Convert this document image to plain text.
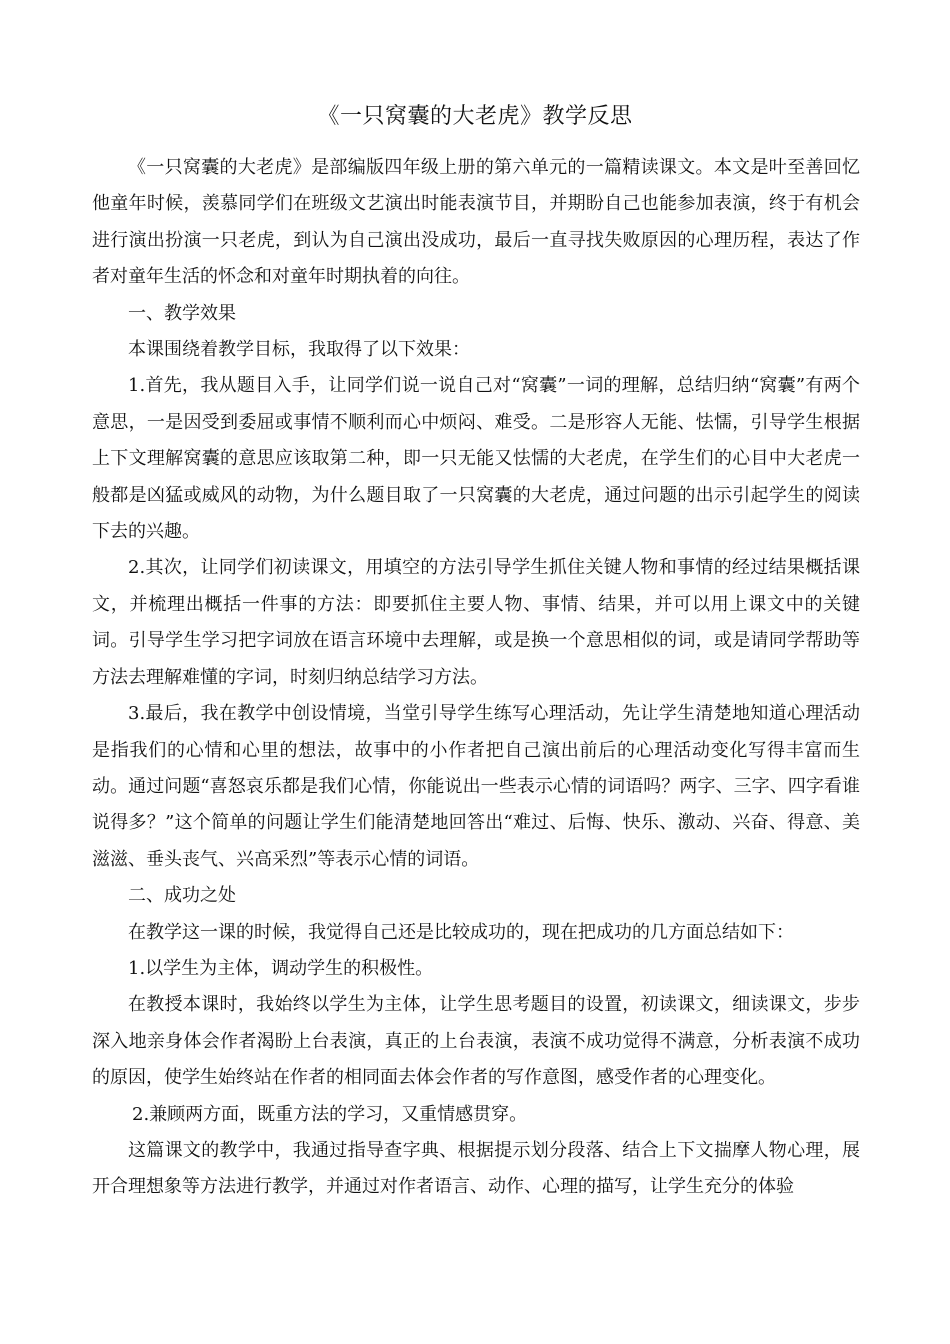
《一只窝囊的大老虎》教学反思

《一只窝囊的大老虎》是部编版四年级上册的第六单元的一篇精读课文。本文是叶至善回忆他童年时候，羡慕同学们在班级文艺演出时能表演节目，并期盼自己也能参加表演，终于有机会进行演出扮演一只老虎，到认为自己演出没成功，最后一直寻找失败原因的心理历程，表达了作者对童年生活的怀念和对童年时期执着的向往。

一、教学效果

本课围绕着教学目标，我取得了以下效果：

1.首先，我从题目入手，让同学们说一说自己对“窝囊”一词的理解，总结归纳“窝囊”有两个意思，一是因受到委屈或事情不顺利而心中烦闷、难受。二是形容人无能、怯懦，引导学生根据上下文理解窝囊的意思应该取第二种，即一只无能又怯懦的大老虎，在学生们的心目中大老虎一般都是凶猛或威风的动物，为什么题目取了一只窝囊的大老虎，通过问题的出示引起学生的阅读下去的兴趣。

2.其次，让同学们初读课文，用填空的方法引导学生抓住关键人物和事情的经过结果概括课文，并梳理出概括一件事的方法：即要抓住主要人物、事情、结果，并可以用上课文中的关键词。引导学生学习把字词放在语言环境中去理解，或是换一个意思相似的词，或是请同学帮助等方法去理解难懂的字词，时刻归纳总结学习方法。

3.最后，我在教学中创设情境，当堂引导学生练写心理活动，先让学生清楚地知道心理活动是指我们的心情和心里的想法，故事中的小作者把自己演出前后的心理活动变化写得丰富而生动。通过问题“喜怒哀乐都是我们心情，你能说出一些表示心情的词语吗？两字、三字、四字看谁说得多？”这个简单的问题让学生们能清楚地回答出“难过、后悔、快乐、激动、兴奋、得意、美滋滋、垂头丧气、兴高采烈”等表示心情的词语。

二、成功之处

在教学这一课的时候，我觉得自己还是比较成功的，现在把成功的几方面总结如下：

1.以学生为主体，调动学生的积极性。

在教授本课时，我始终以学生为主体，让学生思考题目的设置，初读课文，细读课文，步步深入地亲身体会作者渴盼上台表演，真正的上台表演，表演不成功觉得不满意，分析表演不成功的原因，使学生始终站在作者的相同面去体会作者的写作意图，感受作者的心理变化。

2.兼顾两方面，既重方法的学习，又重情感贯穿。

这篇课文的教学中，我通过指导查字典、根据提示划分段落、结合上下文揣摩人物心理，展开合理想象等方法进行教学，并通过对作者语言、动作、心理的描写，让学生充分的体验
